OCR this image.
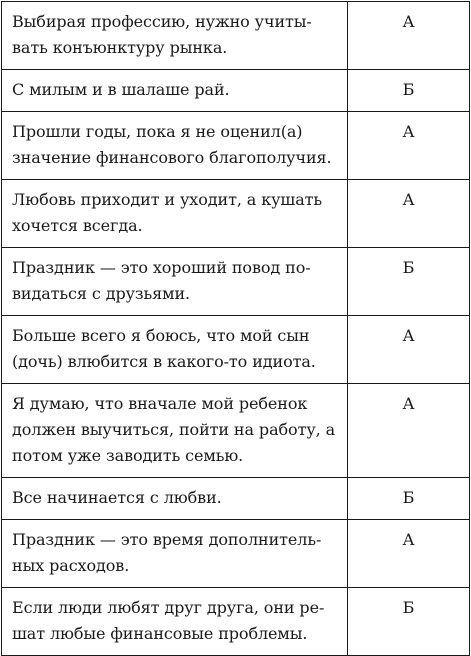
Выбирая профессию, нужно учиты- вать конъюнктуру рынка.	А
С милым и в шалаше рай.	Б
Прошли годы, пока я не оценил(а) значение финансового благополучия.	А
Любовь приходит и уходит, а кушать хочется всегда.	А
Праздник — это хороший повод по- видаться с друзьями.	Б
Больше всего я боюсь, что мой сын (дочь) влюбится в какого-то идиота.	А
Я думаю, что вначале мой ребенок должен выучиться, пойти на работу, а потом уже заводить семью.	А
Все начинается с любви.	Б
Праздник — это время дополнитель- ных расходов.	А
Если люди любят друг друга, они ре- шат любые финансовые проблемы.	Б
